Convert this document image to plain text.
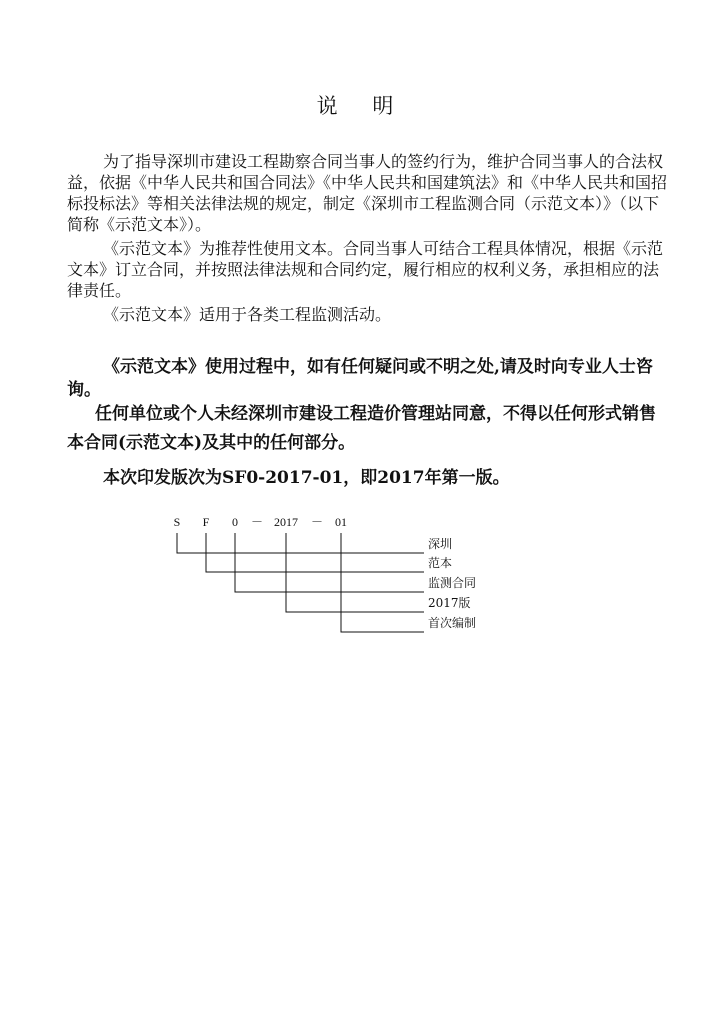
说 明

为了指导深圳市建设工程勘察合同当事人的签约行为，维护合同当事人的合法权益，依据《中华人民共和国合同法》《中华人民共和国建筑法》和《中华人民共和国招标投标法》等相关法律法规的规定，制定《深圳市工程监测合同（示范文本）》（以下简称《示范文本》）。

《示范文本》为推荐性使用文本。合同当事人可结合工程具体情况，根据《示范文本》订立合同，并按照法律法规和合同约定，履行相应的权利义务，承担相应的法律责任。

《示范文本》适用于各类工程监测活动。

《示范文本》使用过程中，如有任何疑问或不明之处,请及时向专业人士咨询。

任何单位或个人未经深圳市建设工程造价管理站同意，不得以任何形式销售本合同(示范文本)及其中的任何部分。

本次印发版次为SF0-2017-01，即2017年第一版。

S	F	0	－ 2017	－	01
深圳
范本
监测合同
2017版
首次编制
